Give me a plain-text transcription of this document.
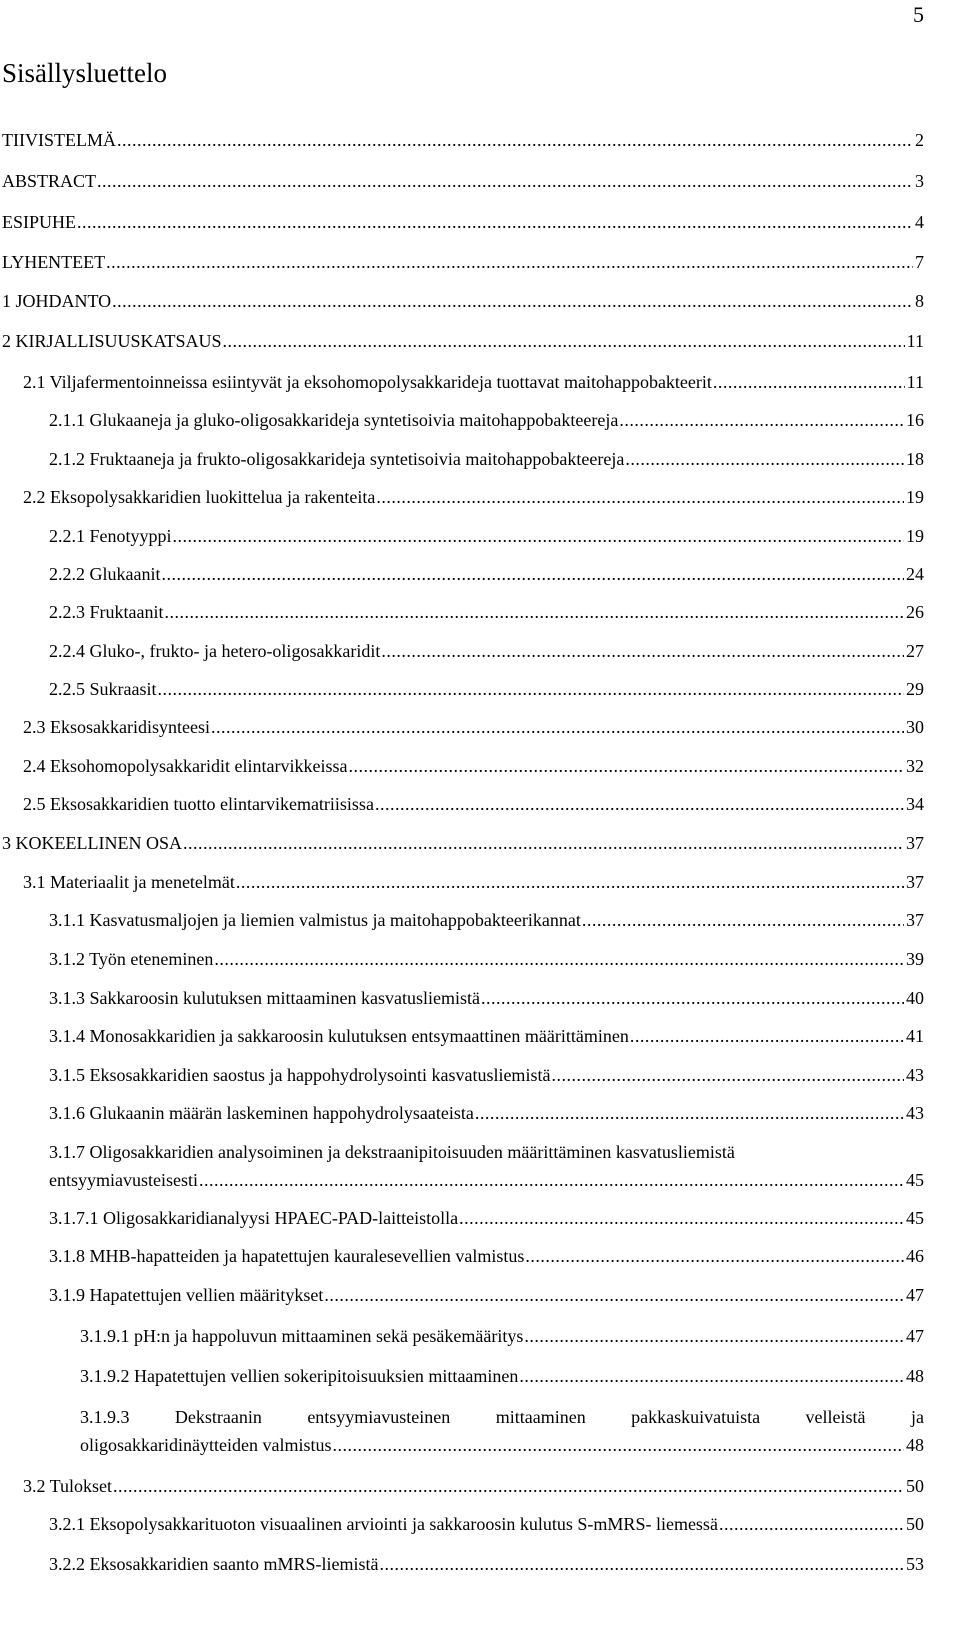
5
Sisällysluettelo
TIIVISTELMÄ .....	2
ABSTRACT .....	3
ESIPUHE .....	4
LYHENTEET .....	7
1 JOHDANTO .....	8
2 KIRJALLISUUSKATSAUS .....	11
2.1 Viljafermentoinneissa esiintyvät ja eksohomopolysakkarideja tuottavat maitohappobakteerit .....	11
2.1.1 Glukaaneja ja gluko-oligosakkarideja syntetisoivia maitohappobakteereja .....	16
2.1.2 Fruktaaneja ja frukto-oligosakkarideja syntetisoivia maitohappobakteereja .....	18
2.2 Eksopolysakkaridien luokittelua ja rakenteita .....	19
2.2.1 Fenotyyppi .....	19
2.2.2 Glukaanit .....	24
2.2.3 Fruktaanit .....	26
2.2.4 Gluko-, frukto- ja hetero-oligosakkaridit .....	27
2.2.5 Sukraasit .....	29
2.3 Eksosakkaridisynteesi .....	30
2.4 Eksohomopolysakkaridit elintarvikkeissa .....	32
2.5 Eksosakkaridien tuotto elintarvikematriisissa .....	34
3 KOKEELLINEN OSA .....	37
3.1 Materiaalit ja menetelmät .....	37
3.1.1 Kasvatusmaljojen ja liemien valmistus ja maitohappobakteerikannat .....	37
3.1.2 Työn eteneminen .....	39
3.1.3 Sakkaroosin kulutuksen mittaaminen kasvatusliemistä .....	40
3.1.4 Monosakkaridien ja sakkaroosin kulutuksen entsymaattinen määrittäminen .....	41
3.1.5 Eksosakkaridien saostus ja happohydrolysointi kasvatusliemistä .....	43
3.1.6 Glukaanin määrän laskeminen happohydrolysaateista .....	43
3.1.7 Oligosakkaridien analysoiminen ja dekstraanipitoisuuden määrittäminen kasvatusliemistä
entsyymiavusteisesti .....	45
3.1.7.1 Oligosakkaridianalyysi HPAEC-PAD-laitteistolla .....	45
3.1.8 MHB-hapatteiden ja hapatettujen kauralesevellien valmistus .....	46
3.1.9 Hapatettujen vellien määritykset .....	47
3.1.9.1 pH:n ja happoluvun mittaaminen sekä pesäkemääritys .....	47
3.1.9.2 Hapatettujen vellien sokeripitoisuuksien mittaaminen .....	48
3.1.9.3	Dekstraanin	entsyymiavusteinen	mittaaminen	pakkaskuivatuista	velleistä	ja
oligosakkaridinäytteiden valmistus .....	48
3.2 Tulokset .....	50
3.2.1 Eksopolysakkarituoton visuaalinen arviointi ja sakkaroosin kulutus S-mMRS- liemessä .....	50
3.2.2 Eksosakkaridien saanto mMRS-liemistä .....	53
